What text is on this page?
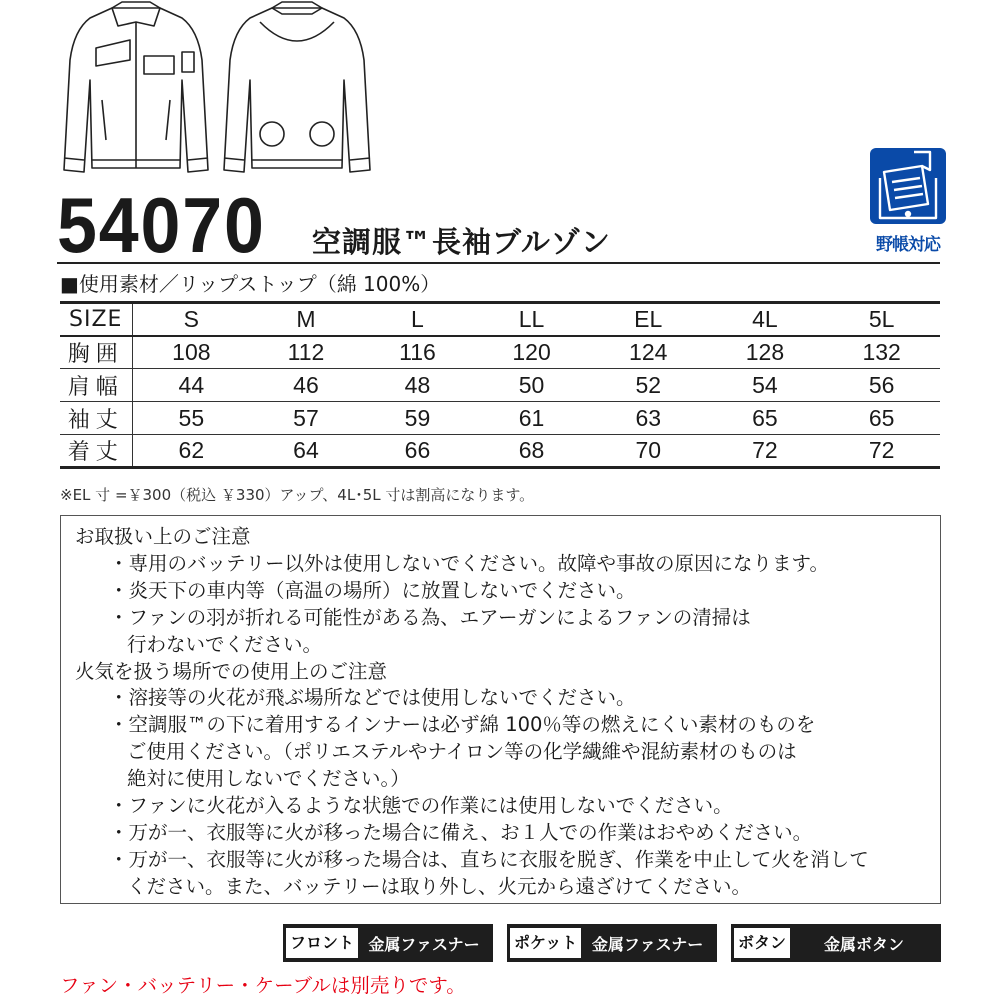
野帳対応
54070 空調服™長袖ブルゾン
■使用素材／リップストップ（綿 100%）
SIZE	S	M	L	LL	EL	4L	5L
胸囲	108	112	116	120	124	128	132
肩幅	44	46	48	50	52	54	56
袖丈	55	57	59	61	63	65	65
着丈	62	64	66	68	70	72	72
※EL 寸 =￥300（税込 ￥330）アップ、4L･5L 寸は割高になります。
お取扱い上のご注意
・専用のバッテリー以外は使用しないでください。故障や事故の原因になります。
・炎天下の車内等（高温の場所）に放置しないでください。
・ファンの羽が折れる可能性がある為、エアーガンによるファンの清掃は
行わないでください。
火気を扱う場所での使用上のご注意
・溶接等の火花が飛ぶ場所などでは使用しないでください。
・空調服™の下に着用するインナーは必ず綿 100％等の燃えにくい素材のものを
ご使用ください。（ポリエステルやナイロン等の化学繊維や混紡素材のものは
絶対に使用しないでください。）
・ファンに火花が入るような状態での作業には使用しないでください。
・万が一、衣服等に火が移った場合に備え、お１人での作業はおやめください。
・万が一、衣服等に火が移った場合は、直ちに衣服を脱ぎ、作業を中止して火を消して
ください。また、バッテリーは取り外し、火元から遠ざけてください。
フロント 金属ファスナー	ポケット 金属ファスナー	ボタン	金属ボタン
ファン・バッテリー・ケーブルは別売りです。
